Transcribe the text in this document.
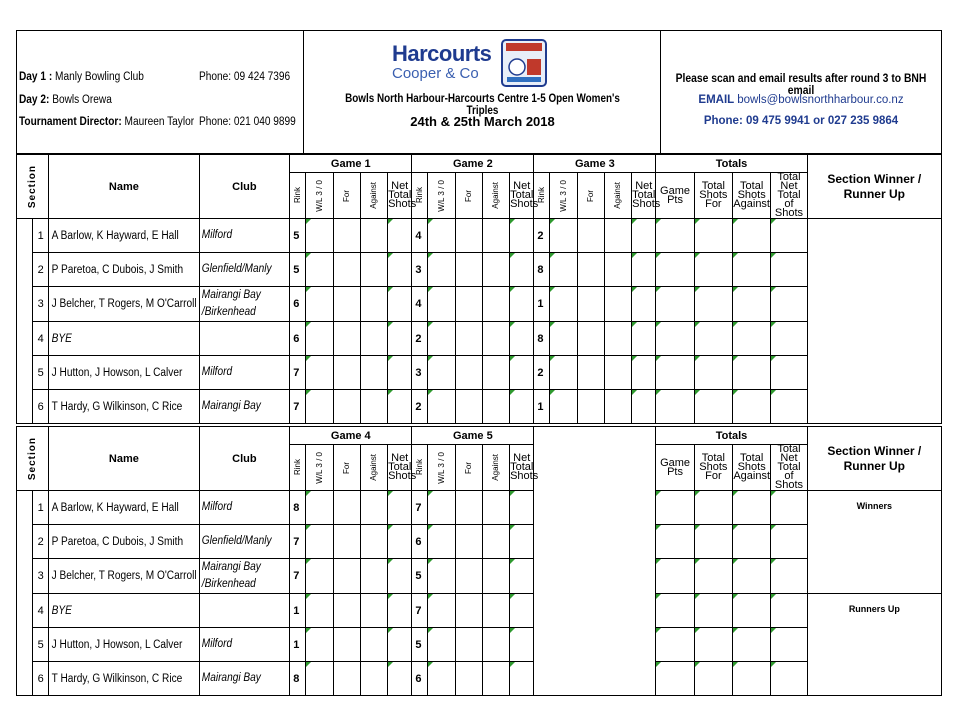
Day 1 : Manly Bowling Club	Phone: 09 424 7396
Day 2: Bowls Orewa
Tournament Director: Maureen Taylor Phone: 021 040 9899
Harcourts
Cooper & Co
Bowls North Harbour-Harcourts Centre 1-5 Open Women's Triples
24th & 25th March 2018
Please scan and email results after round 3 to BNH email
EMAIL bowls@bowlsnorthharbour.co.nz
Phone: 09 475 9941 or 027 235 9864
Section		Name	Club	Game 1					Game 2					Game 3					Totals				Section Winner / Runner Up

				Rink	W/L 3 / 0	For	Against	Net Total Shots	Rink	W/L 3 / 0	For	Against	Net Total Shots	Rink	W/L 3 / 0	For	Against	Net Total Shots	Game Pts	Total Shots For	Total Shots Against	Total Net Total of Shots	
	1	A Barlow, K Hayward, E Hall	Milford	5					4					2									
	2	P Paretoa, C Dubois, J Smith	Glenfield/Manly	5					3					8									
	3	J Belcher, T Rogers, M O'Carroll	Mairangi Bay
/Birkenhead	6					4					1									
	4	BYE		6					2					8									
	5	J Hutton, J Howson, L Calver	Milford	7					3					2									
	6	T Hardy, G Wilkinson, C Rice	Mairangi Bay	7					2					1									
Section		Name	Club	Game 4					Game 5						Totals				Section Winner / Runner Up

				Rink	W/L 3 / 0	For	Against	Net Total Shots	Rink	W/L 3 / 0	For	Against	Net Total Shots		Game Pts	Total Shots For	Total Shots Against	Total Net Total of Shots	
	1	A Barlow, K Hayward, E Hall	Milford	8					7										Winners
	2	P Paretoa, C Dubois, J Smith	Glenfield/Manly	7					6										
	3	J Belcher, T Rogers, M O'Carroll	Mairangi Bay
/Birkenhead	7					5										
	4	BYE		1					7										Runners Up
	5	J Hutton, J Howson, L Calver	Milford	1					5										
	6	T Hardy, G Wilkinson, C Rice	Mairangi Bay	8					6										
